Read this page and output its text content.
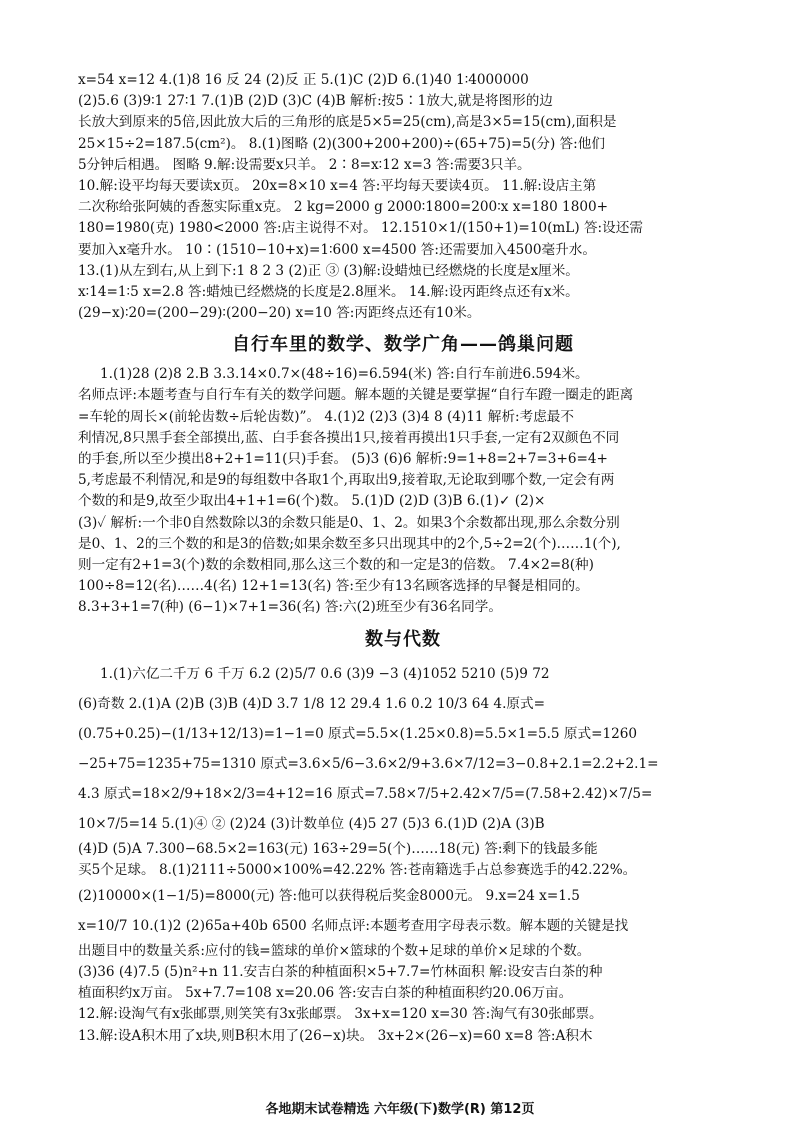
x=54 x=12 4.(1)8 16 反 24 (2)反 正 5.(1)C (2)D 6.(1)40 1∶4000000
(2)5.6 (3)9∶1 27∶1 7.(1)B (2)D (3)C (4)B 解析:按5∶1放大,就是将图形的边
长放大到原来的5倍,因此放大后的三角形的底是5×5=25(cm),高是3×5=15(cm),面积是
25×15÷2=187.5(cm²)。 8.(1)图略 (2)(300+200+200)÷(65+75)=5(分) 答:他们
5分钟后相遇。 图略 9.解:设需要x只羊。 2∶8=x∶12 x=3 答:需要3只羊。
10.解:设平均每天要读x页。 20x=8×10 x=4 答:平均每天要读4页。 11.解:设店主第
二次称给张阿姨的香葱实际重x克。 2 kg=2000 g 2000∶1800=200∶x x=180 1800+
180=1980(克) 1980<2000 答:店主说得不对。 12.1510×1/(150+1)=10(mL) 答:设还需
要加入x毫升水。 10∶(1510−10+x)=1∶600 x=4500 答:还需要加入4500毫升水。
13.(1)从左到右,从上到下:1 8 2 3 (2)正 ③ (3)解:设蜡烛已经燃烧的长度是x厘米。
x∶14=1∶5 x=2.8 答:蜡烛已经燃烧的长度是2.8厘米。 14.解:设丙距终点还有x米。
(29−x)∶20=(200−29)∶(200−20) x=10 答:丙距终点还有10米。
自行车里的数学、数学广角——鸽巢问题
1.(1)28 (2)8 2.B 3.3.14×0.7×(48÷16)=6.594(米) 答:自行车前进6.594米。
名师点评:本题考查与自行车有关的数学问题。解本题的关键是要掌握“自行车蹬一圈走的距离
=车轮的周长×(前轮齿数÷后轮齿数)”。 4.(1)2 (2)3 (3)4 8 (4)11 解析:考虑最不
利情况,8只黑手套全部摸出,蓝、白手套各摸出1只,接着再摸出1只手套,一定有2双颜色不同
的手套,所以至少摸出8+2+1=11(只)手套。 (5)3 (6)6 解析:9=1+8=2+7=3+6=4+
5,考虑最不利情况,和是9的每组数中各取1个,再取出9,接着取,无论取到哪个数,一定会有两
个数的和是9,故至少取出4+1+1=6(个)数。 5.(1)D (2)D (3)B 6.(1)✓ (2)×
(3)✓ 解析:一个非0自然数除以3的余数只能是0、1、2。如果3个余数都出现,那么余数分别
是0、1、2的三个数的和是3的倍数;如果余数至多只出现其中的2个,5÷2=2(个)……1(个),
则一定有2+1=3(个)数的余数相同,那么这三个数的和一定是3的倍数。 7.4×2=8(种)
100÷8=12(名)……4(名) 12+1=13(名) 答:至少有13名顾客选择的早餐是相同的。
8.3+3+1=7(种) (6−1)×7+1=36(名) 答:六(2)班至少有36名同学。
数与代数
1.(1)六亿二千万 6 千万 6.2 (2)5/7 0.6 (3)9 −3 (4)1052 5210 (5)9 72
(6)奇数 2.(1)A (2)B (3)B (4)D 3.7 1/8 12 29.4 1.6 0.2 10/3 64 4.原式=
(0.75+0.25)−(1/13+12/13)=1−1=0 原式=5.5×(1.25×0.8)=5.5×1=5.5 原式=1260
−25+75=1235+75=1310 原式=3.6×5/6−3.6×2/9+3.6×7/12=3−0.8+2.1=2.2+2.1=
4.3 原式=18×2/9+18×2/3=4+12=16 原式=7.58×7/5+2.42×7/5=(7.58+2.42)×7/5=
10×7/5=14 5.(1)④ ② (2)24 (3)计数单位 (4)5 27 (5)3 6.(1)D (2)A (3)B
(4)D (5)A 7.300−68.5×2=163(元) 163÷29=5(个)……18(元) 答:剩下的钱最多能
买5个足球。 8.(1)2111÷5000×100%=42.22% 答:苍南籍选手占总参赛选手的42.22%。
(2)10000×(1−1/5)=8000(元) 答:他可以获得税后奖金8000元。 9.x=24 x=1.5
x=10/7 10.(1)2 (2)65a+40b 6500 名师点评:本题考查用字母表示数。解本题的关键是找
出题目中的数量关系:应付的钱=篮球的单价×篮球的个数+足球的单价×足球的个数。
(3)36 (4)7.5 (5)n²+n 11.安吉白茶的种植面积×5+7.7=竹林面积 解:设安吉白茶的种
植面积约x万亩。 5x+7.7=108 x=20.06 答:安吉白茶的种植面积约20.06万亩。
12.解:设淘气有x张邮票,则笑笑有3x张邮票。 3x+x=120 x=30 答:淘气有30张邮票。
13.解:设A积木用了x块,则B积木用了(26−x)块。 3x+2×(26−x)=60 x=8 答:A积木
各地期末试卷精选 六年级(下)数学(R) 第12页
